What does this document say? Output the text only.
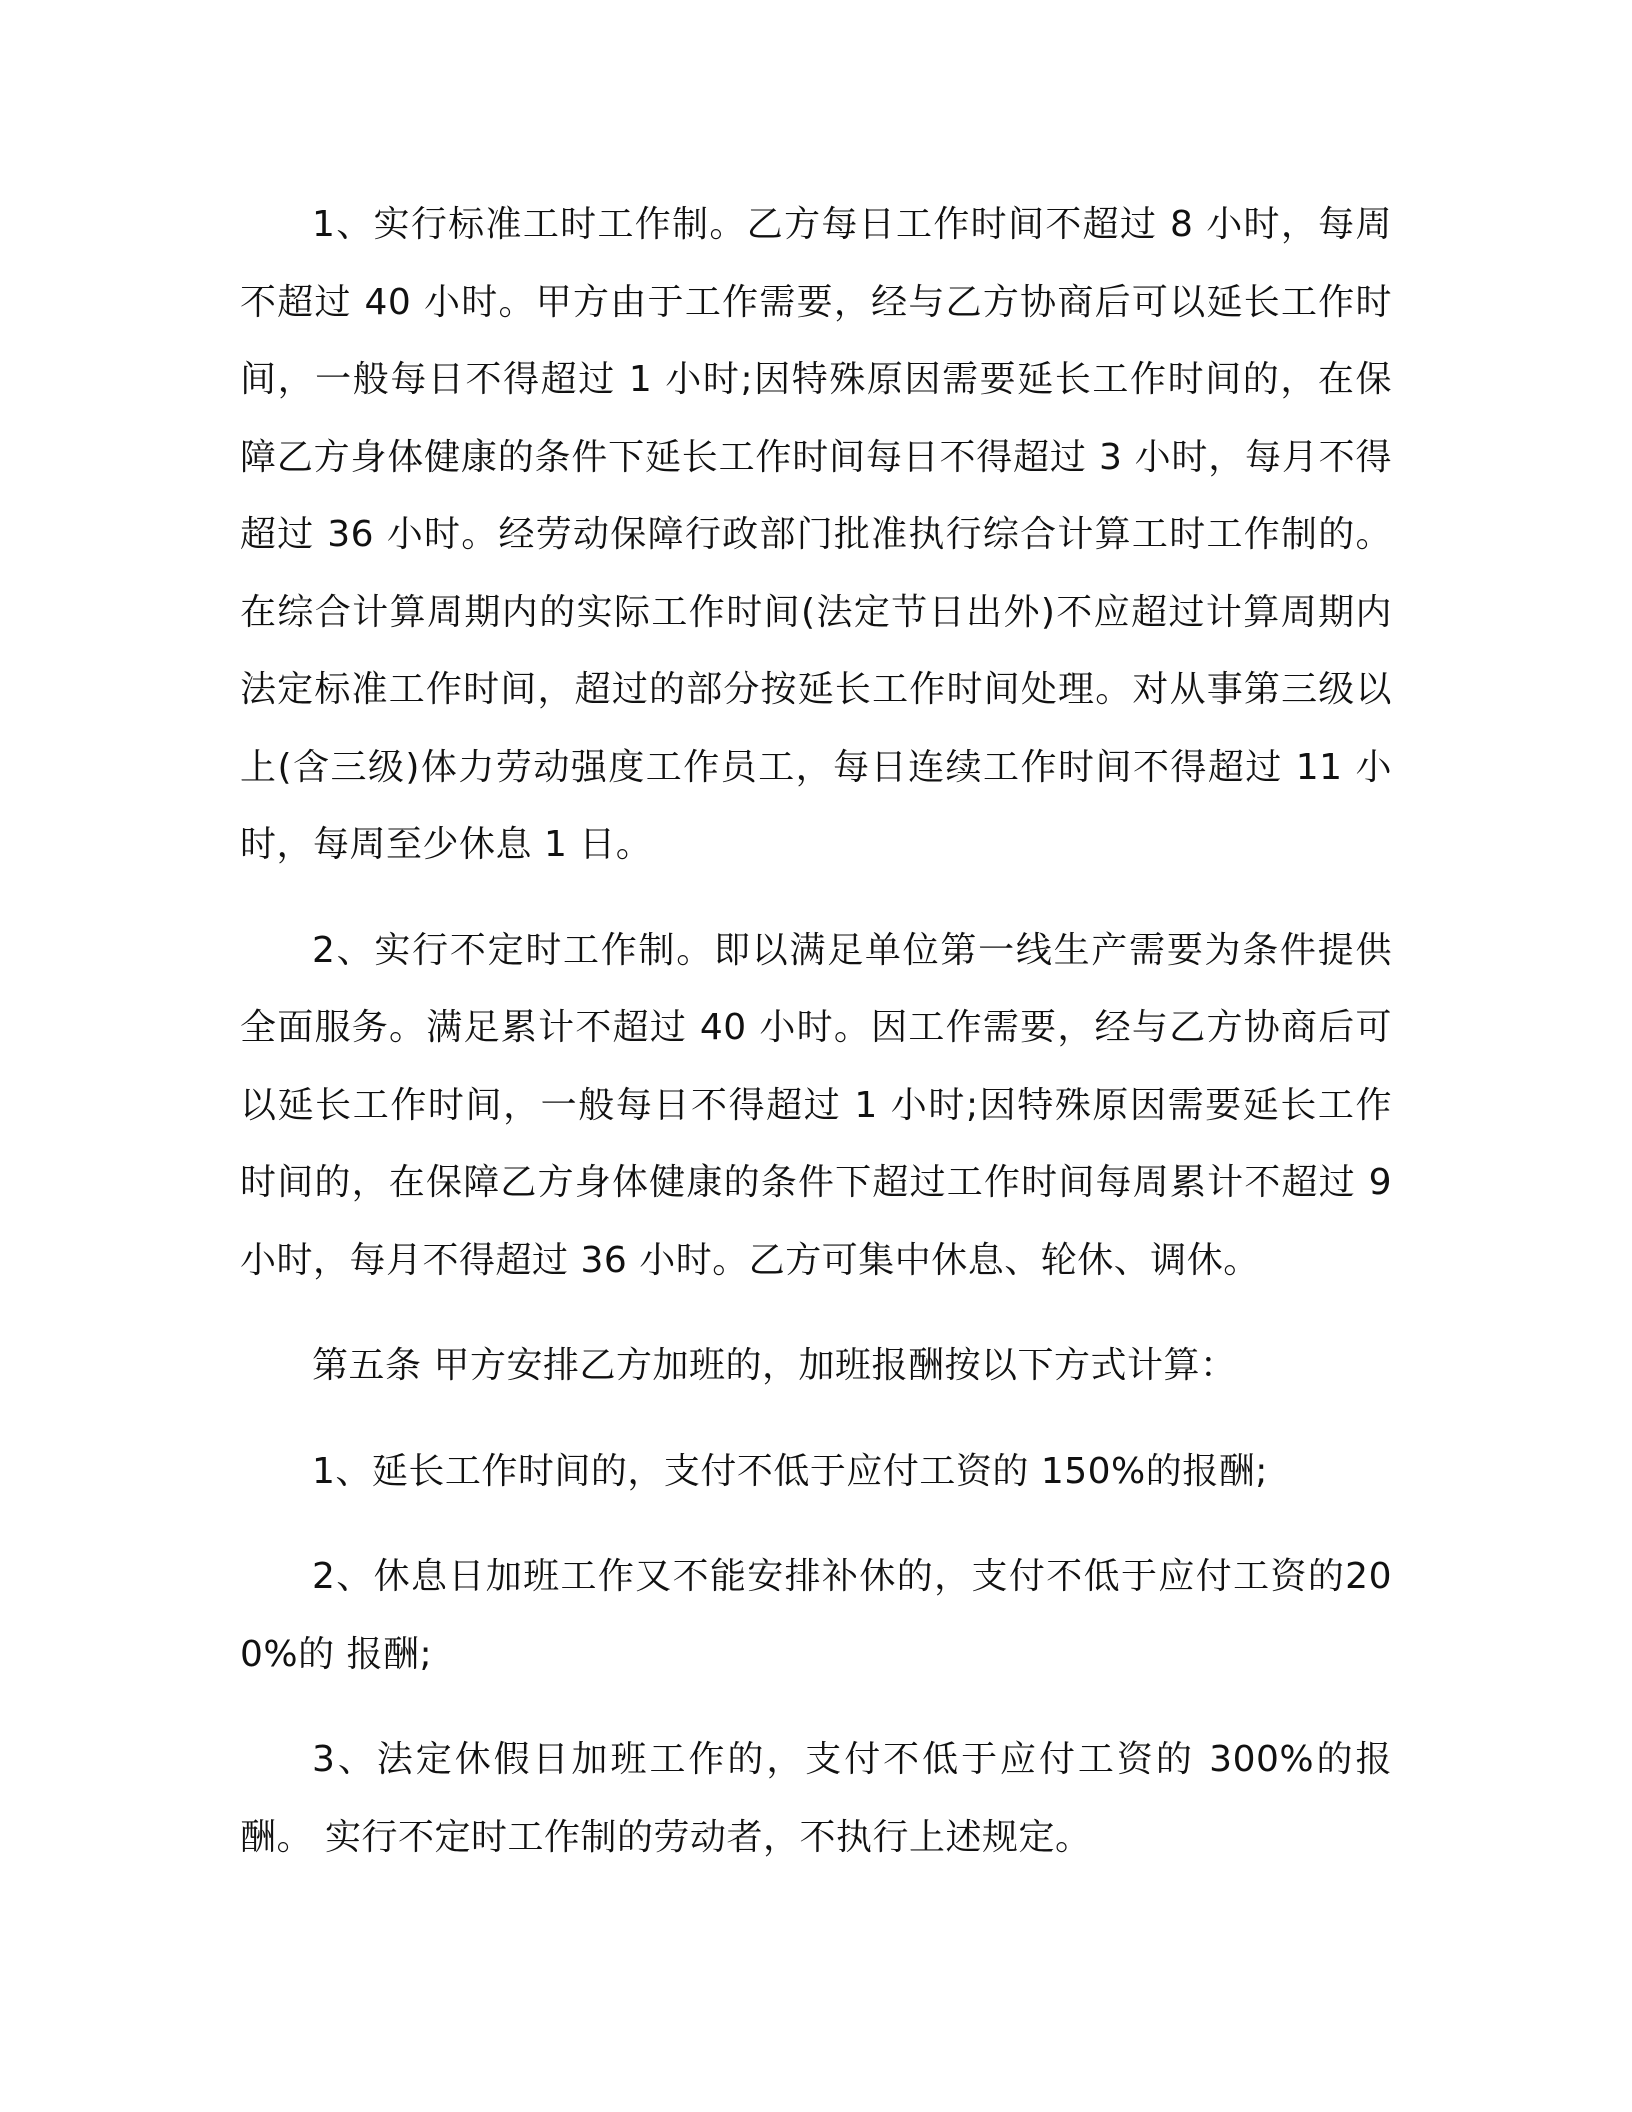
1、实行标准工时工作制。乙方每日工作时间不超过 8 小时，每周不超过 40 小时。甲方由于工作需要，经与乙方协商后可以延长工作时间，一般每日不得超过 1 小时;因特殊原因需要延长工作时间的，在保障乙方身体健康的条件下延长工作时间每日不得超过 3 小时，每月不得超过 36 小时。经劳动保障行政部门批准执行综合计算工时工作制的。在综合计算周期内的实际工作时间(法定节日出外)不应超过计算周期内法定标准工作时间，超过的部分按延长工作时间处理。对从事第三级以上(含三级)体力劳动强度工作员工，每日连续工作时间不得超过 11 小时，每周至少休息 1 日。

2、实行不定时工作制。即以满足单位第一线生产需要为条件提供全面服务。满足累计不超过 40 小时。因工作需要，经与乙方协商后可以延长工作时间，一般每日不得超过 1 小时;因特殊原因需要延长工作时间的，在保障乙方身体健康的条件下超过工作时间每周累计不超过 9 小时，每月不得超过 36 小时。乙方可集中休息、轮休、调休。

第五条 甲方安排乙方加班的，加班报酬按以下方式计算：

1、延长工作时间的，支付不低于应付工资的 150%的报酬;

2、休息日加班工作又不能安排补休的，支付不低于应付工资的200%的 报酬;

3、法定休假日加班工作的，支付不低于应付工资的 300%的报酬。 实行不定时工作制的劳动者，不执行上述规定。
